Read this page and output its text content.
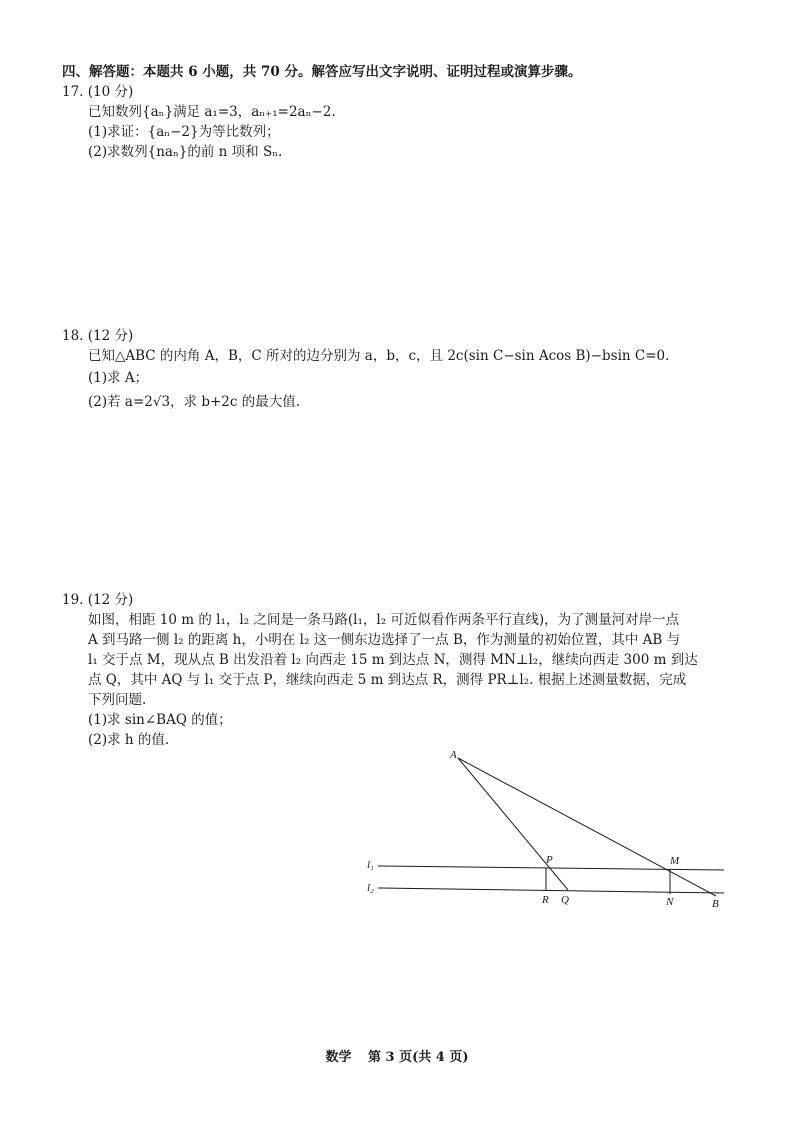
四、解答题：本题共 6 小题，共 70 分。解答应写出文字说明、证明过程或演算步骤。
17. (10 分)
已知数列{aₙ}满足 a₁=3，aₙ₊₁=2aₙ−2.
(1)求证：{aₙ−2}为等比数列；
(2)求数列{naₙ}的前 n 项和 Sₙ.
18. (12 分)
已知△ABC 的内角 A，B，C 所对的边分别为 a，b，c，且 2c(sin C−sin Acos B)−bsin C=0.
(1)求 A；
(2)若 a=2√3，求 b+2c 的最大值.
19. (12 分)
如图，相距 10 m 的 l₁，l₂ 之间是一条马路(l₁，l₂ 可近似看作两条平行直线)，为了测量河对岸一点
A 到马路一侧 l₂ 的距离 h，小明在 l₂ 这一侧东边选择了一点 B，作为测量的初始位置，其中 AB 与
l₁ 交于点 M，现从点 B 出发沿着 l₂ 向西走 15 m 到达点 N，测得 MN⊥l₂，继续向西走 300 m 到达
点 Q，其中 AQ 与 l₁ 交于点 P，继续向西走 5 m 到达点 R，测得 PR⊥l₂. 根据上述测量数据，完成
下列问题.
(1)求 sin∠BAQ 的值；
(2)求 h 的值.
A
P	M
l₁
l₂
R Q	N	B
数学 第 3 页(共 4 页)
